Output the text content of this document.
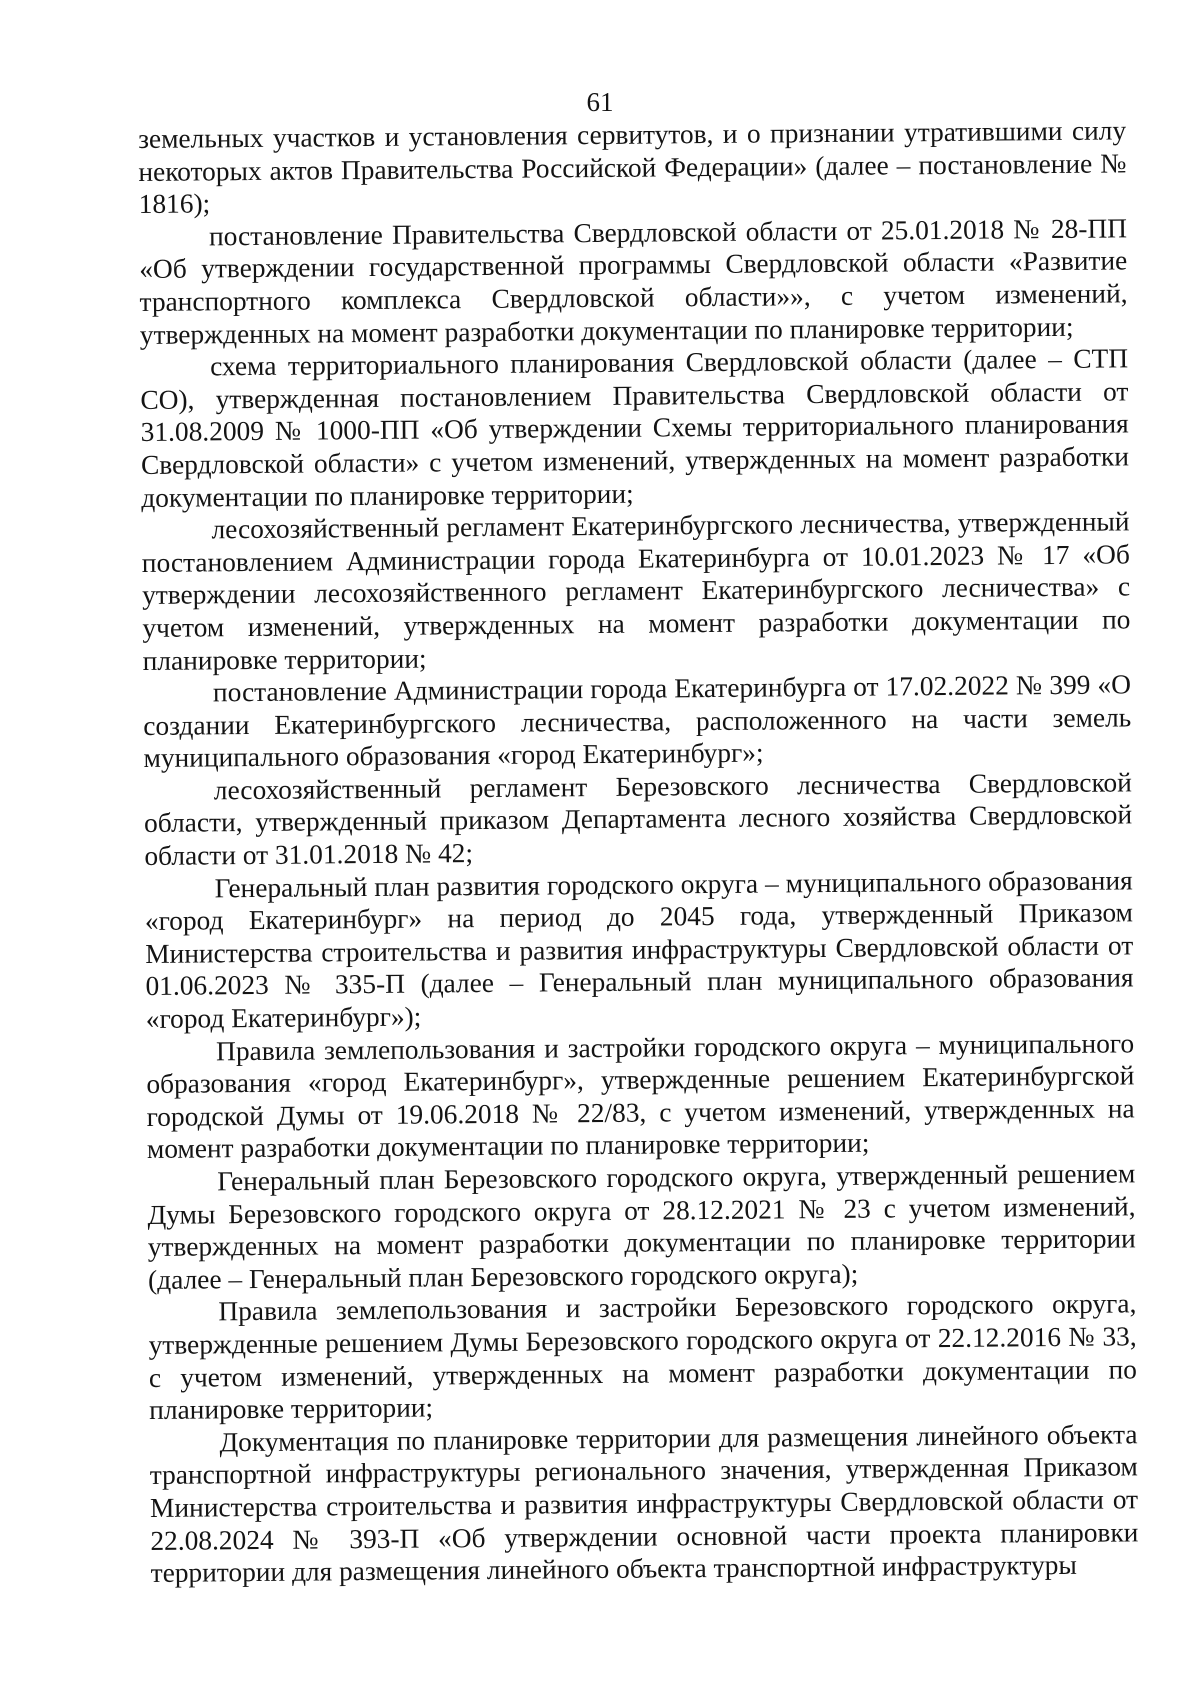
61

земельных участков и установления сервитутов, и о признании утратившими силу некоторых актов Правительства Российской Федерации» (далее – постановление № 1816);

постановление Правительства Свердловской области от 25.01.2018 № 28-ПП «Об утверждении государственной программы Свердловской области «Развитие транспортного комплекса Свердловской области»», с учетом изменений, утвержденных на момент разработки документации по планировке территории;

схема территориального планирования Свердловской области (далее – СТП СО), утвержденная постановлением Правительства Свердловской области от 31.08.2009 № 1000-ПП «Об утверждении Схемы территориального планирования Свердловской области» с учетом изменений, утвержденных на момент разработки документации по планировке территории;

лесохозяйственный регламент Екатеринбургского лесничества, утвержденный постановлением Администрации города Екатеринбурга от 10.01.2023 № 17 «Об утверждении лесохозяйственного регламент Екатеринбургского лесничества» с учетом изменений, утвержденных на момент разработки документации по планировке территории;

постановление Администрации города Екатеринбурга от 17.02.2022 № 399 «О создании Екатеринбургского лесничества, расположенного на части земель муниципального образования «город Екатеринбург»;

лесохозяйственный регламент Березовского лесничества Свердловской области, утвержденный приказом Департамента лесного хозяйства Свердловской области от 31.01.2018 № 42;

Генеральный план развития городского округа – муниципального образования «город Екатеринбург» на период до 2045 года, утвержденный Приказом Министерства строительства и развития инфраструктуры Свердловской области от 01.06.2023 № 335-П (далее – Генеральный план муниципального образования «город Екатеринбург»);

Правила землепользования и застройки городского округа – муниципального образования «город Екатеринбург», утвержденные решением Екатеринбургской городской Думы от 19.06.2018 № 22/83, с учетом изменений, утвержденных на момент разработки документации по планировке территории;

Генеральный план Березовского городского округа, утвержденный решением Думы Березовского городского округа от 28.12.2021 № 23 с учетом изменений, утвержденных на момент разработки документации по планировке территории (далее – Генеральный план Березовского городского округа);

Правила землепользования и застройки Березовского городского округа, утвержденные решением Думы Березовского городского округа от 22.12.2016 № 33, с учетом изменений, утвержденных на момент разработки документации по планировке территории;

Документация по планировке территории для размещения линейного объекта транспортной инфраструктуры регионального значения, утвержденная Приказом Министерства строительства и развития инфраструктуры Свердловской области от 22.08.2024 № 393-П «Об утверждении основной части проекта планировки территории для размещения линейного объекта транспортной инфраструктуры
